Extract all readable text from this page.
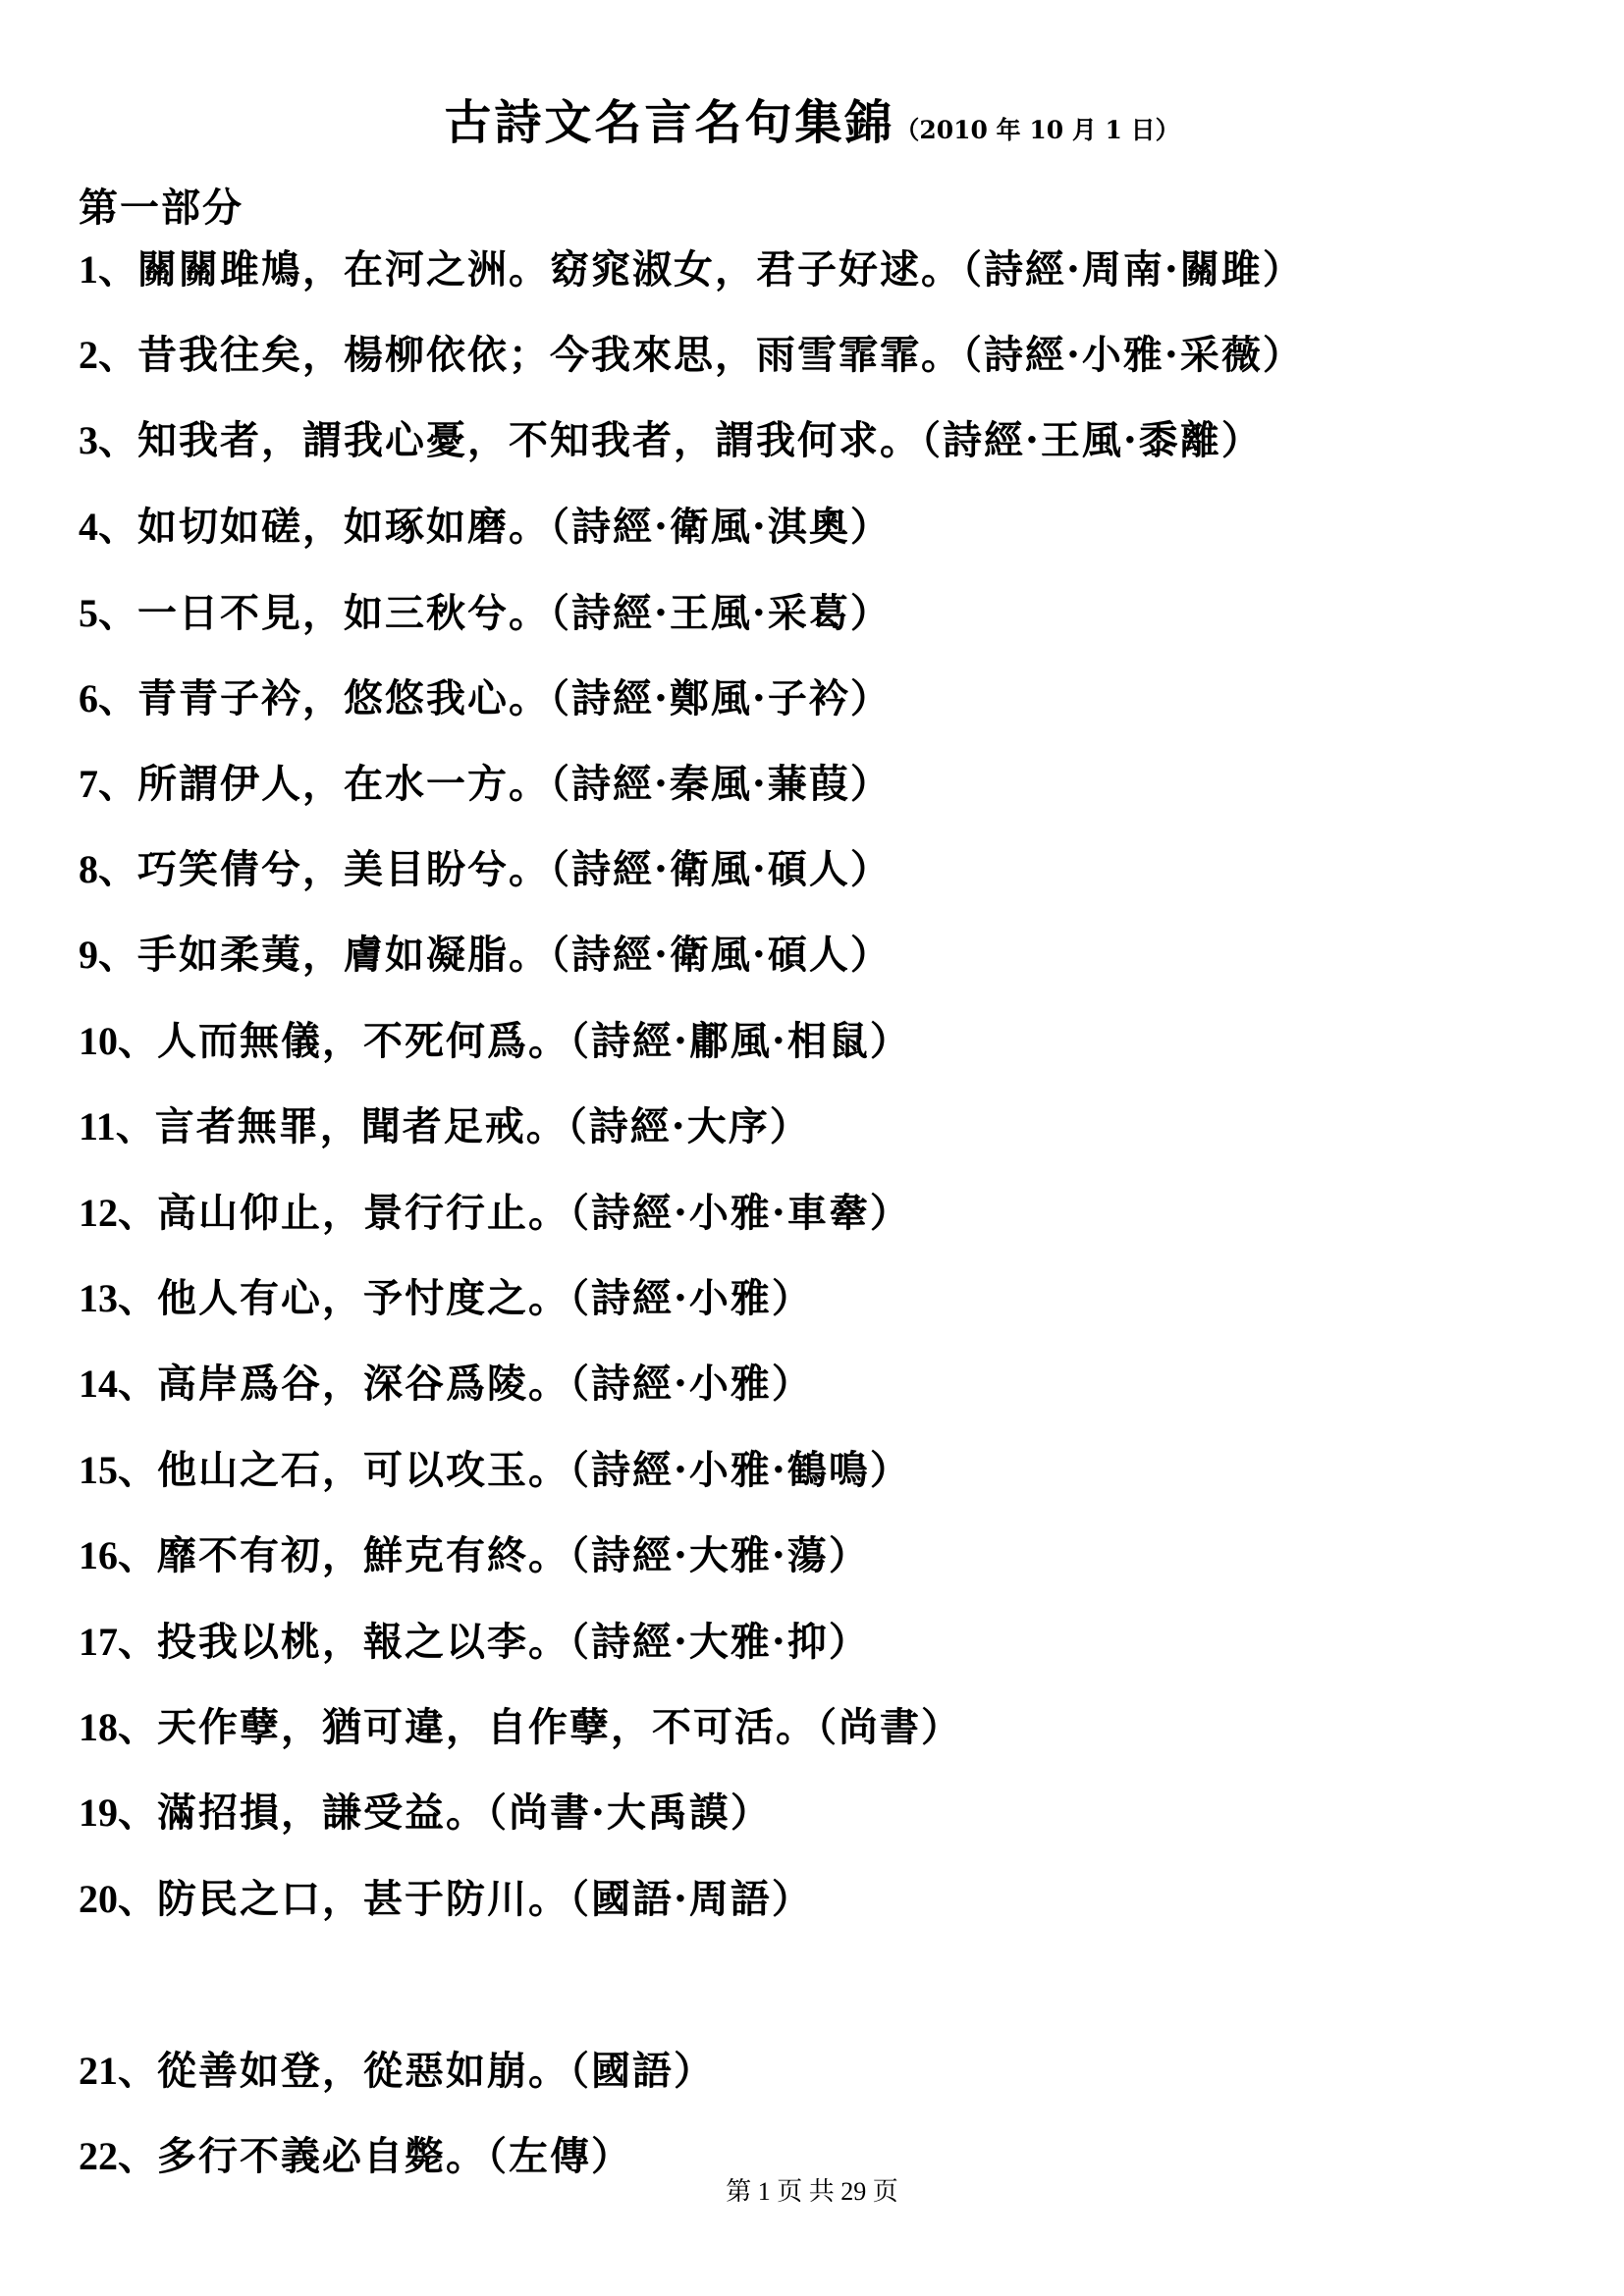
古詩文名言名句集錦（2010 年 10 月 1 日）
第一部分
1、關關雎鳩，在河之洲。窈窕淑女，君子好逑。（詩經·周南·關雎）
2、昔我往矣，楊柳依依；今我來思，雨雪霏霏。（詩經·小雅·采薇）
3、知我者，謂我心憂，不知我者，謂我何求。（詩經·王風·黍離）
4、如切如磋，如琢如磨。（詩經·衛風·淇奧）
5、一日不見，如三秋兮。（詩經·王風·采葛）
6、青青子衿，悠悠我心。（詩經·鄭風·子衿）
7、所謂伊人，在水一方。（詩經·秦風·蒹葭）
8、巧笑倩兮，美目盼兮。（詩經·衛風·碩人）
9、手如柔荑，膚如凝脂。（詩經·衛風·碩人）
10、人而無儀，不死何爲。（詩經·鄘風·相鼠）
11、言者無罪，聞者足戒。（詩經·大序）
12、高山仰止，景行行止。（詩經·小雅·車舝）
13、他人有心，予忖度之。（詩經·小雅）
14、高岸爲谷，深谷爲陵。（詩經·小雅）
15、他山之石，可以攻玉。（詩經·小雅·鶴鳴）
16、靡不有初，鮮克有終。（詩經·大雅·蕩）
17、投我以桃，報之以李。（詩經·大雅·抑）
18、天作孽，猶可違，自作孽，不可活。（尚書）
19、滿招損，謙受益。（尚書·大禹謨）
20、防民之口，甚于防川。（國語·周語）
21、從善如登，從惡如崩。（國語）
22、多行不義必自斃。（左傳）
第 1 页 共 29 页
